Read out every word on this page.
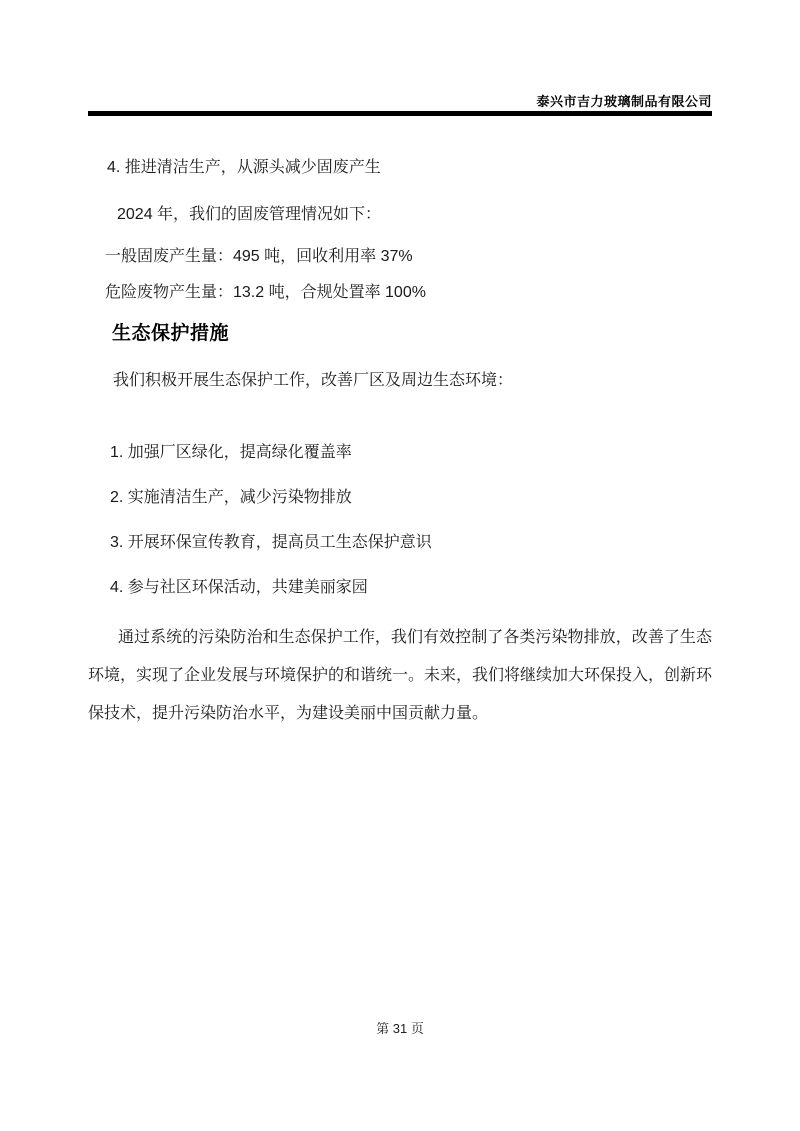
泰兴市吉力玻璃制品有限公司
4. 推进清洁生产，从源头减少固废产生
2024 年，我们的固废管理情况如下：
一般固废产生量：495 吨，回收利用率 37%
危险废物产生量：13.2 吨，合规处置率 100%
生态保护措施
我们积极开展生态保护工作，改善厂区及周边生态环境：
1. 加强厂区绿化，提高绿化覆盖率
2. 实施清洁生产，减少污染物排放
3. 开展环保宣传教育，提高员工生态保护意识
4. 参与社区环保活动，共建美丽家园
通过系统的污染防治和生态保护工作，我们有效控制了各类污染物排放，改善了生态环境，实现了企业发展与环境保护的和谐统一。未来，我们将继续加大环保投入，创新环保技术，提升污染防治水平，为建设美丽中国贡献力量。
第 31 页
